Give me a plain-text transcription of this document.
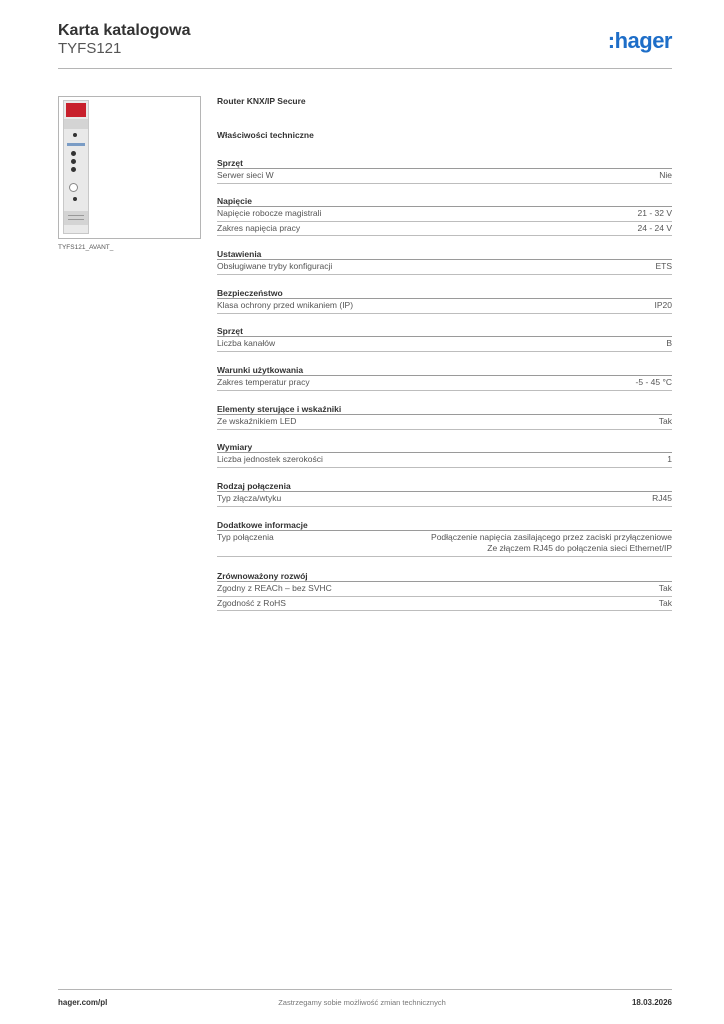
Karta katalogowa
TYFS121	:hager
TYFS121_AVANT_
Router KNX/IP Secure
Właściwości techniczne
Sprzęt
Serwer sieci W	Nie
Napięcie
Napięcie robocze magistrali	21 - 32 V
Zakres napięcia pracy	24 - 24 V
Ustawienia
Obsługiwane tryby konfiguracji	ETS
Bezpieczeństwo
Klasa ochrony przed wnikaniem (IP)	IP20
Sprzęt
Liczba kanałów	B
Warunki użytkowania
Zakres temperatur pracy	-5 - 45 °C
Elementy sterujące i wskaźniki
Ze wskaźnikiem LED	Tak
Wymiary
Liczba jednostek szerokości	1
Rodzaj połączenia
Typ złącza/wtyku	RJ45
Dodatkowe informacje
Typ połączenia	Podłączenie napięcia zasilającego przez zaciski przyłączeniowe
Ze złączem RJ45 do połączenia sieci Ethernet/IP
Zrównoważony rozwój
Zgodny z REACh – bez SVHC	Tak
Zgodność z RoHS	Tak
hager.com/pl	Zastrzegamy sobie możliwość zmian technicznych	18.03.2026
